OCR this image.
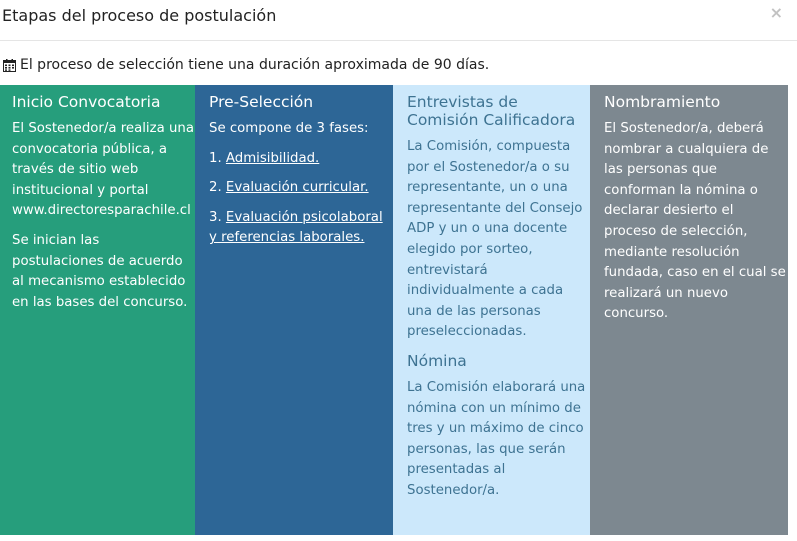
Etapas del proceso de postulación	×
El proceso de selección tiene una duración aproximada de 90 días.
Inicio Convocatoria

El Sostenedor/a realiza una convocatoria pública, a través de sitio web institucional y portal www.directoresparachile.cl

Se inician las postulaciones de acuerdo al mecanismo establecido en las bases del concurso.

Pre-Selección

Se compone de 3 fases:

1. Admisibilidad.
2. Evaluación curricular.
3. Evaluación psicolaboral y referencias laborales.
Entrevistas de Comisión Calificadora

La Comisión, compuesta por el Sostenedor/a o su representante, un o una representante del Consejo ADP y un o una docente elegido por sorteo, entrevistará individualmente a cada una de las personas preseleccionadas.

Nómina

La Comisión elaborará una nómina con un mínimo de tres y un máximo de cinco personas, las que serán presentadas al Sostenedor/a.

Nombramiento

El Sostenedor/a, deberá nombrar a cualquiera de las personas que conforman la nómina o declarar desierto el proceso de selección, mediante resolución fundada, caso en el cual se realizará un nuevo concurso.
